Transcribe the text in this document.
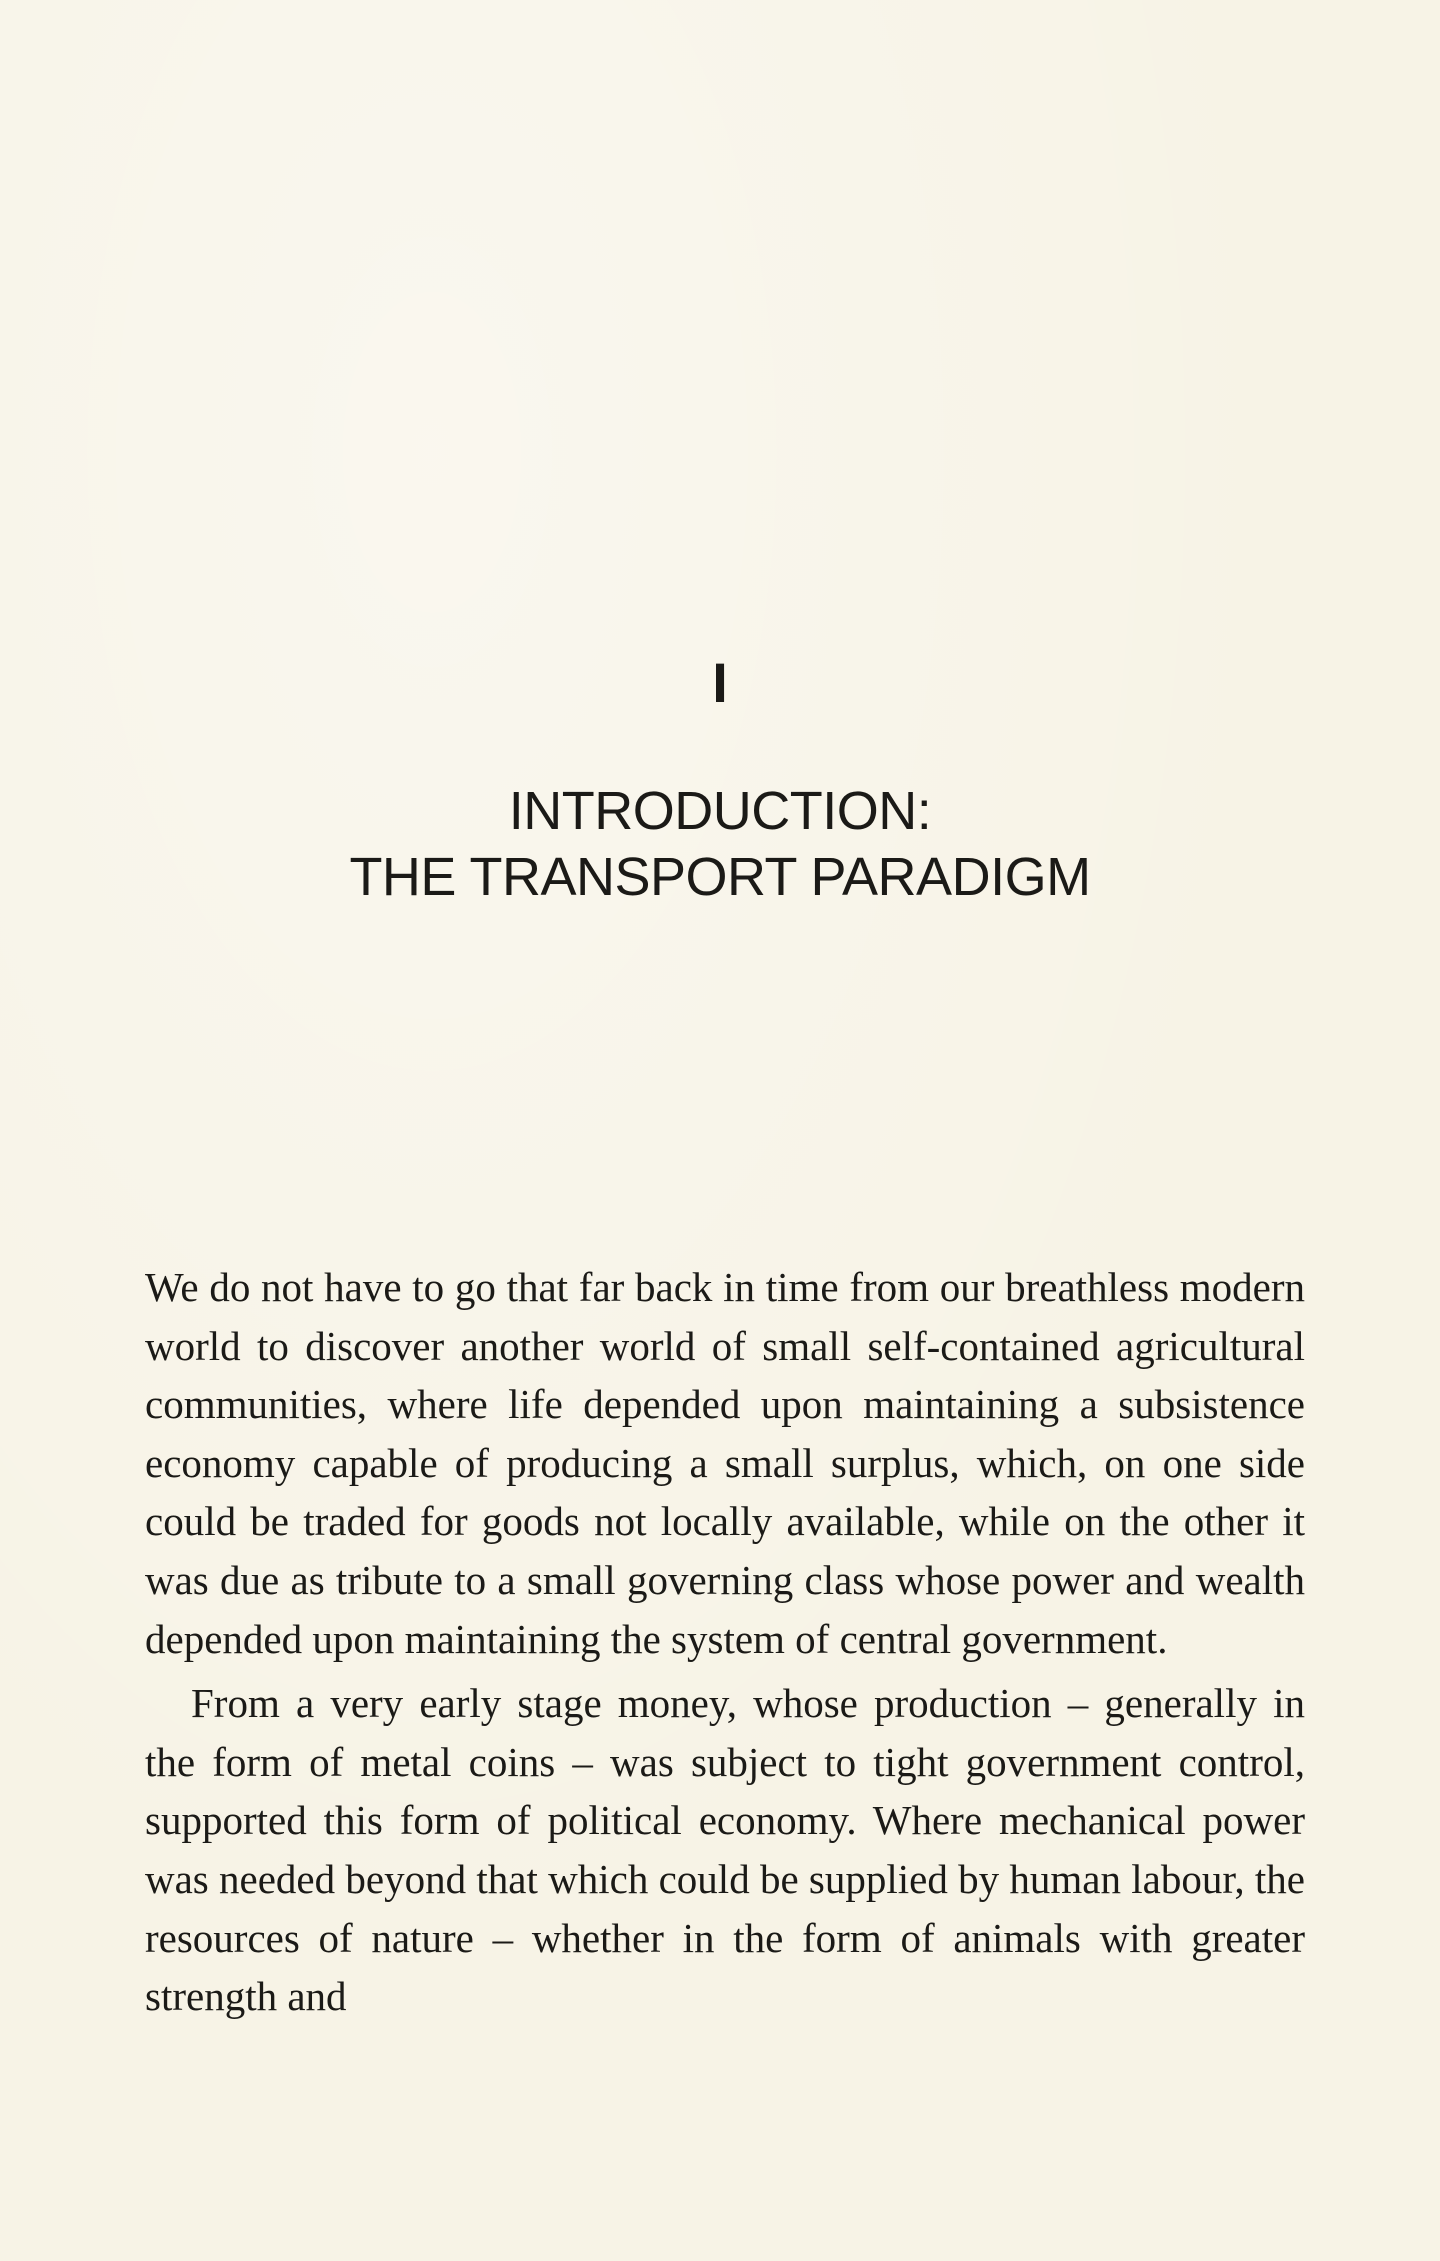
I
INTRODUCTION:
THE TRANSPORT PARADIGM

We do not have to go that far back in time from our breathless modern world to discover another world of small self-contained agricultural communities, where life depended upon maintaining a subsistence economy capable of producing a small surplus, which, on one side could be traded for goods not locally available, while on the other it was due as tribute to a small governing class whose power and wealth depended upon maintaining the system of central government.

From a very early stage money, whose production – generally in the form of metal coins – was subject to tight government control, supported this form of political economy. Where mechanical power was needed beyond that which could be supplied by human labour, the resources of nature – whether in the form of animals with greater strength and
